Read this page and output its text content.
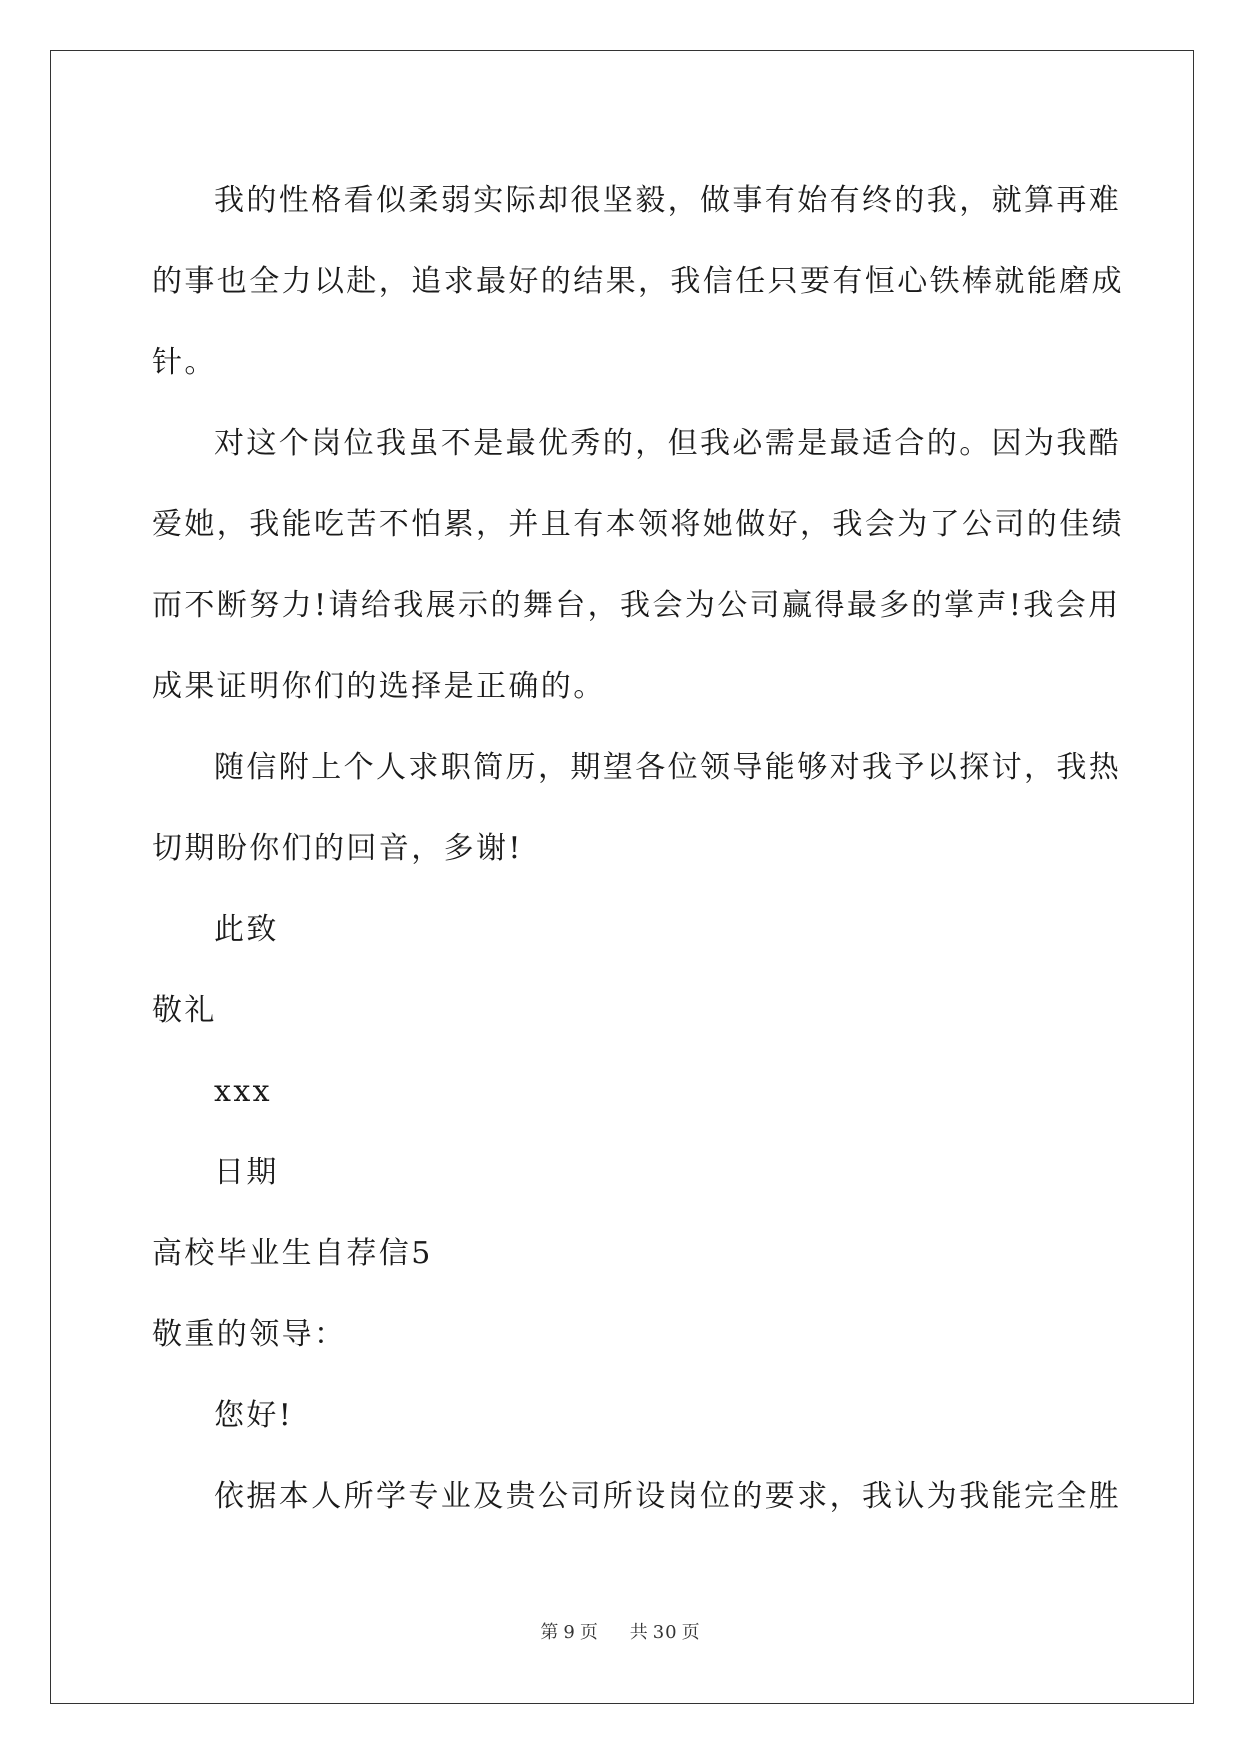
我的性格看似柔弱实际却很坚毅，做事有始有终的我，就算再难
的事也全力以赴，追求最好的结果，我信任只要有恒心铁棒就能磨成
针。
对这个岗位我虽不是最优秀的，但我必需是最适合的。因为我酷
爱她，我能吃苦不怕累，并且有本领将她做好，我会为了公司的佳绩
而不断努力!请给我展示的舞台，我会为公司赢得最多的掌声!我会用
成果证明你们的选择是正确的。
随信附上个人求职简历，期望各位领导能够对我予以探讨，我热
切期盼你们的回音，多谢!
此致
敬礼
xxx
日期
高校毕业生自荐信5
敬重的领导：
您好!
依据本人所学专业及贵公司所设岗位的要求，我认为我能完全胜
第 9 页 共 30 页
